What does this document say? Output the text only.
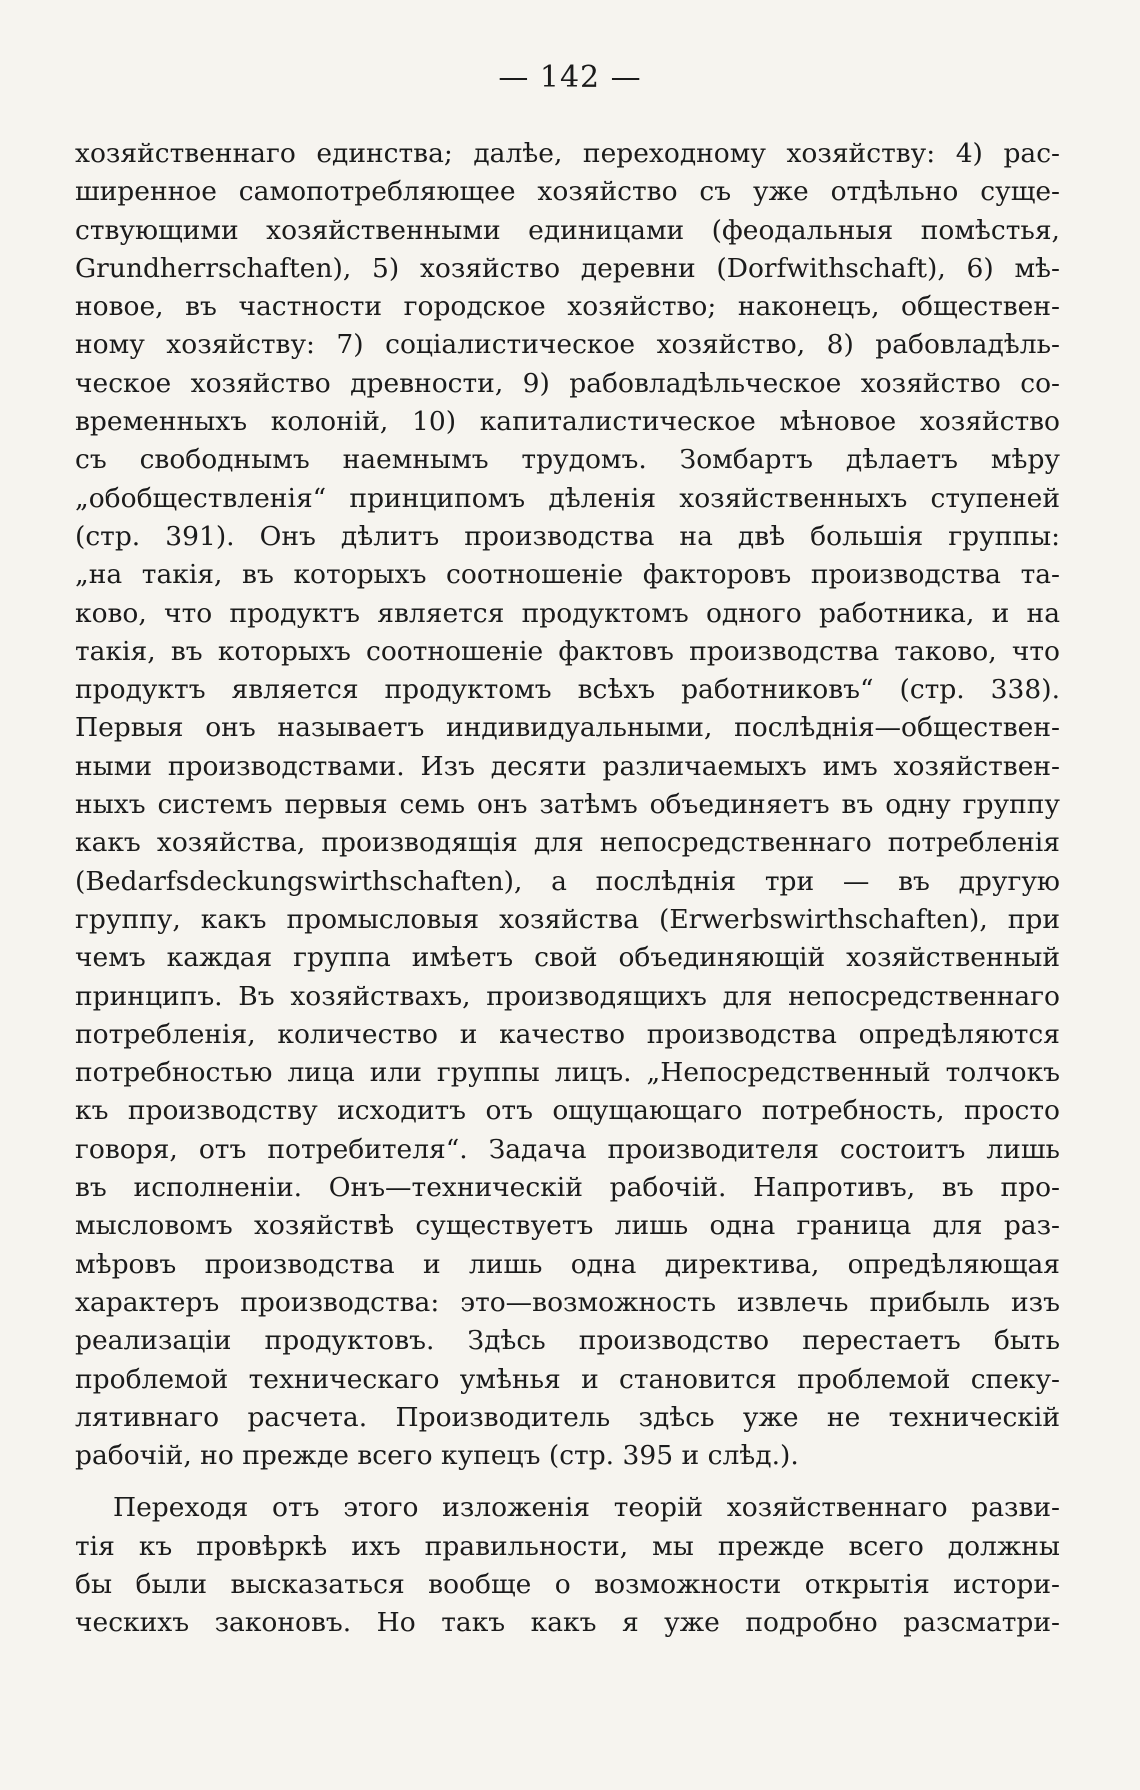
— 142 —
хозяйственнаго единства; далѣе, переходному хозяйству: 4) рас-
ширенное самопотребляющее хозяйство съ уже отдѣльно суще-
ствующими хозяйственными единицами (феодальныя помѣстья,
Grundherrschaften), 5) хозяйство деревни (Dorfwithschaft), 6) мѣ-
новое, въ частности городское хозяйство; наконецъ, обществен-
ному хозяйству: 7) соціалистическое хозяйство, 8) рабовладѣль-
ческое хозяйство древности, 9) рабовладѣльческое хозяйство со-
временныхъ колоній, 10) капиталистическое мѣновое хозяйство
съ свободнымъ наемнымъ трудомъ. Зомбартъ дѣлаетъ мѣру
„обобществленія“ принципомъ дѣленія хозяйственныхъ ступеней
(стр. 391). Онъ дѣлитъ производства на двѣ большія группы:
„на такія, въ которыхъ соотношеніе факторовъ производства та-
ково, что продуктъ является продуктомъ одного работника, и на
такія, въ которыхъ соотношеніе фактовъ производства таково, что
продуктъ является продуктомъ всѣхъ работниковъ“ (стр. 338).
Первыя онъ называетъ индивидуальными, послѣднія—обществен-
ными производствами. Изъ десяти различаемыхъ имъ хозяйствен-
ныхъ системъ первыя семь онъ затѣмъ объединяетъ въ одну группу
какъ хозяйства, производящія для непосредственнаго потребленія
(Bedarfsdeckungswirthschaften), а послѣднія три — въ другую
группу, какъ промысловыя хозяйства (Erwerbswirthschaften), при
чемъ каждая группа имѣетъ свой объединяющій хозяйственный
принципъ. Въ хозяйствахъ, производящихъ для непосредственнаго
потребленія, количество и качество производства опредѣляются
потребностью лица или группы лицъ. „Непосредственный толчокъ
къ производству исходитъ отъ ощущающаго потребность, просто
говоря, отъ потребителя“. Задача производителя состоитъ лишь
въ исполненіи. Онъ—техническій рабочій. Напротивъ, въ про-
мысловомъ хозяйствѣ существуетъ лишь одна граница для раз-
мѣровъ производства и лишь одна директива, опредѣляющая
характеръ производства: это—возможность извлечь прибыль изъ
реализаціи продуктовъ. Здѣсь производство перестаетъ быть
проблемой техническаго умѣнья и становится проблемой спеку-
лятивнаго расчета. Производитель здѣсь уже не техническій
рабочій, но прежде всего купецъ (стр. 395 и слѣд.).
Переходя отъ этого изложенія теорій хозяйственнаго разви-
тія къ провѣркѣ ихъ правильности, мы прежде всего должны
бы были высказаться вообще о возможности открытія истори-
ческихъ законовъ. Но такъ какъ я уже подробно разсматри-
